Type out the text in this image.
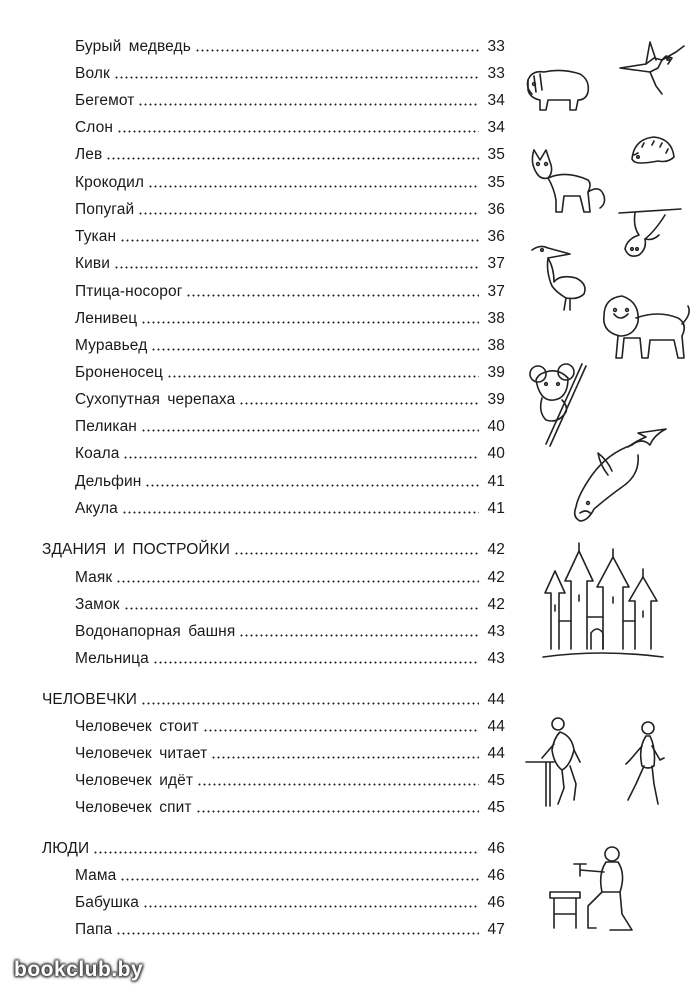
Бурый медведь	33
Волк	33
Бегемот	34
Слон	34
Лев	35
Крокодил	35
Попугай	36
Тукан	36
Киви	37
Птица-носорог	37
Ленивец	38
Муравьед	38
Броненосец	39
Сухопутная черепаха	39
Пеликан	40
Коала	40
Дельфин	41
Акула	41
ЗДАНИЯ И ПОСТРОЙКИ	42
Маяк	42
Замок	42
Водонапорная башня	43
Мельница	43
ЧЕЛОВЕЧКИ	44
Человечек стоит	44
Человечек читает	44
Человечек идёт	45
Человечек спит	45
ЛЮДИ	46
Мама	46
Бабушка	46
Папа	47
bookclub.by
